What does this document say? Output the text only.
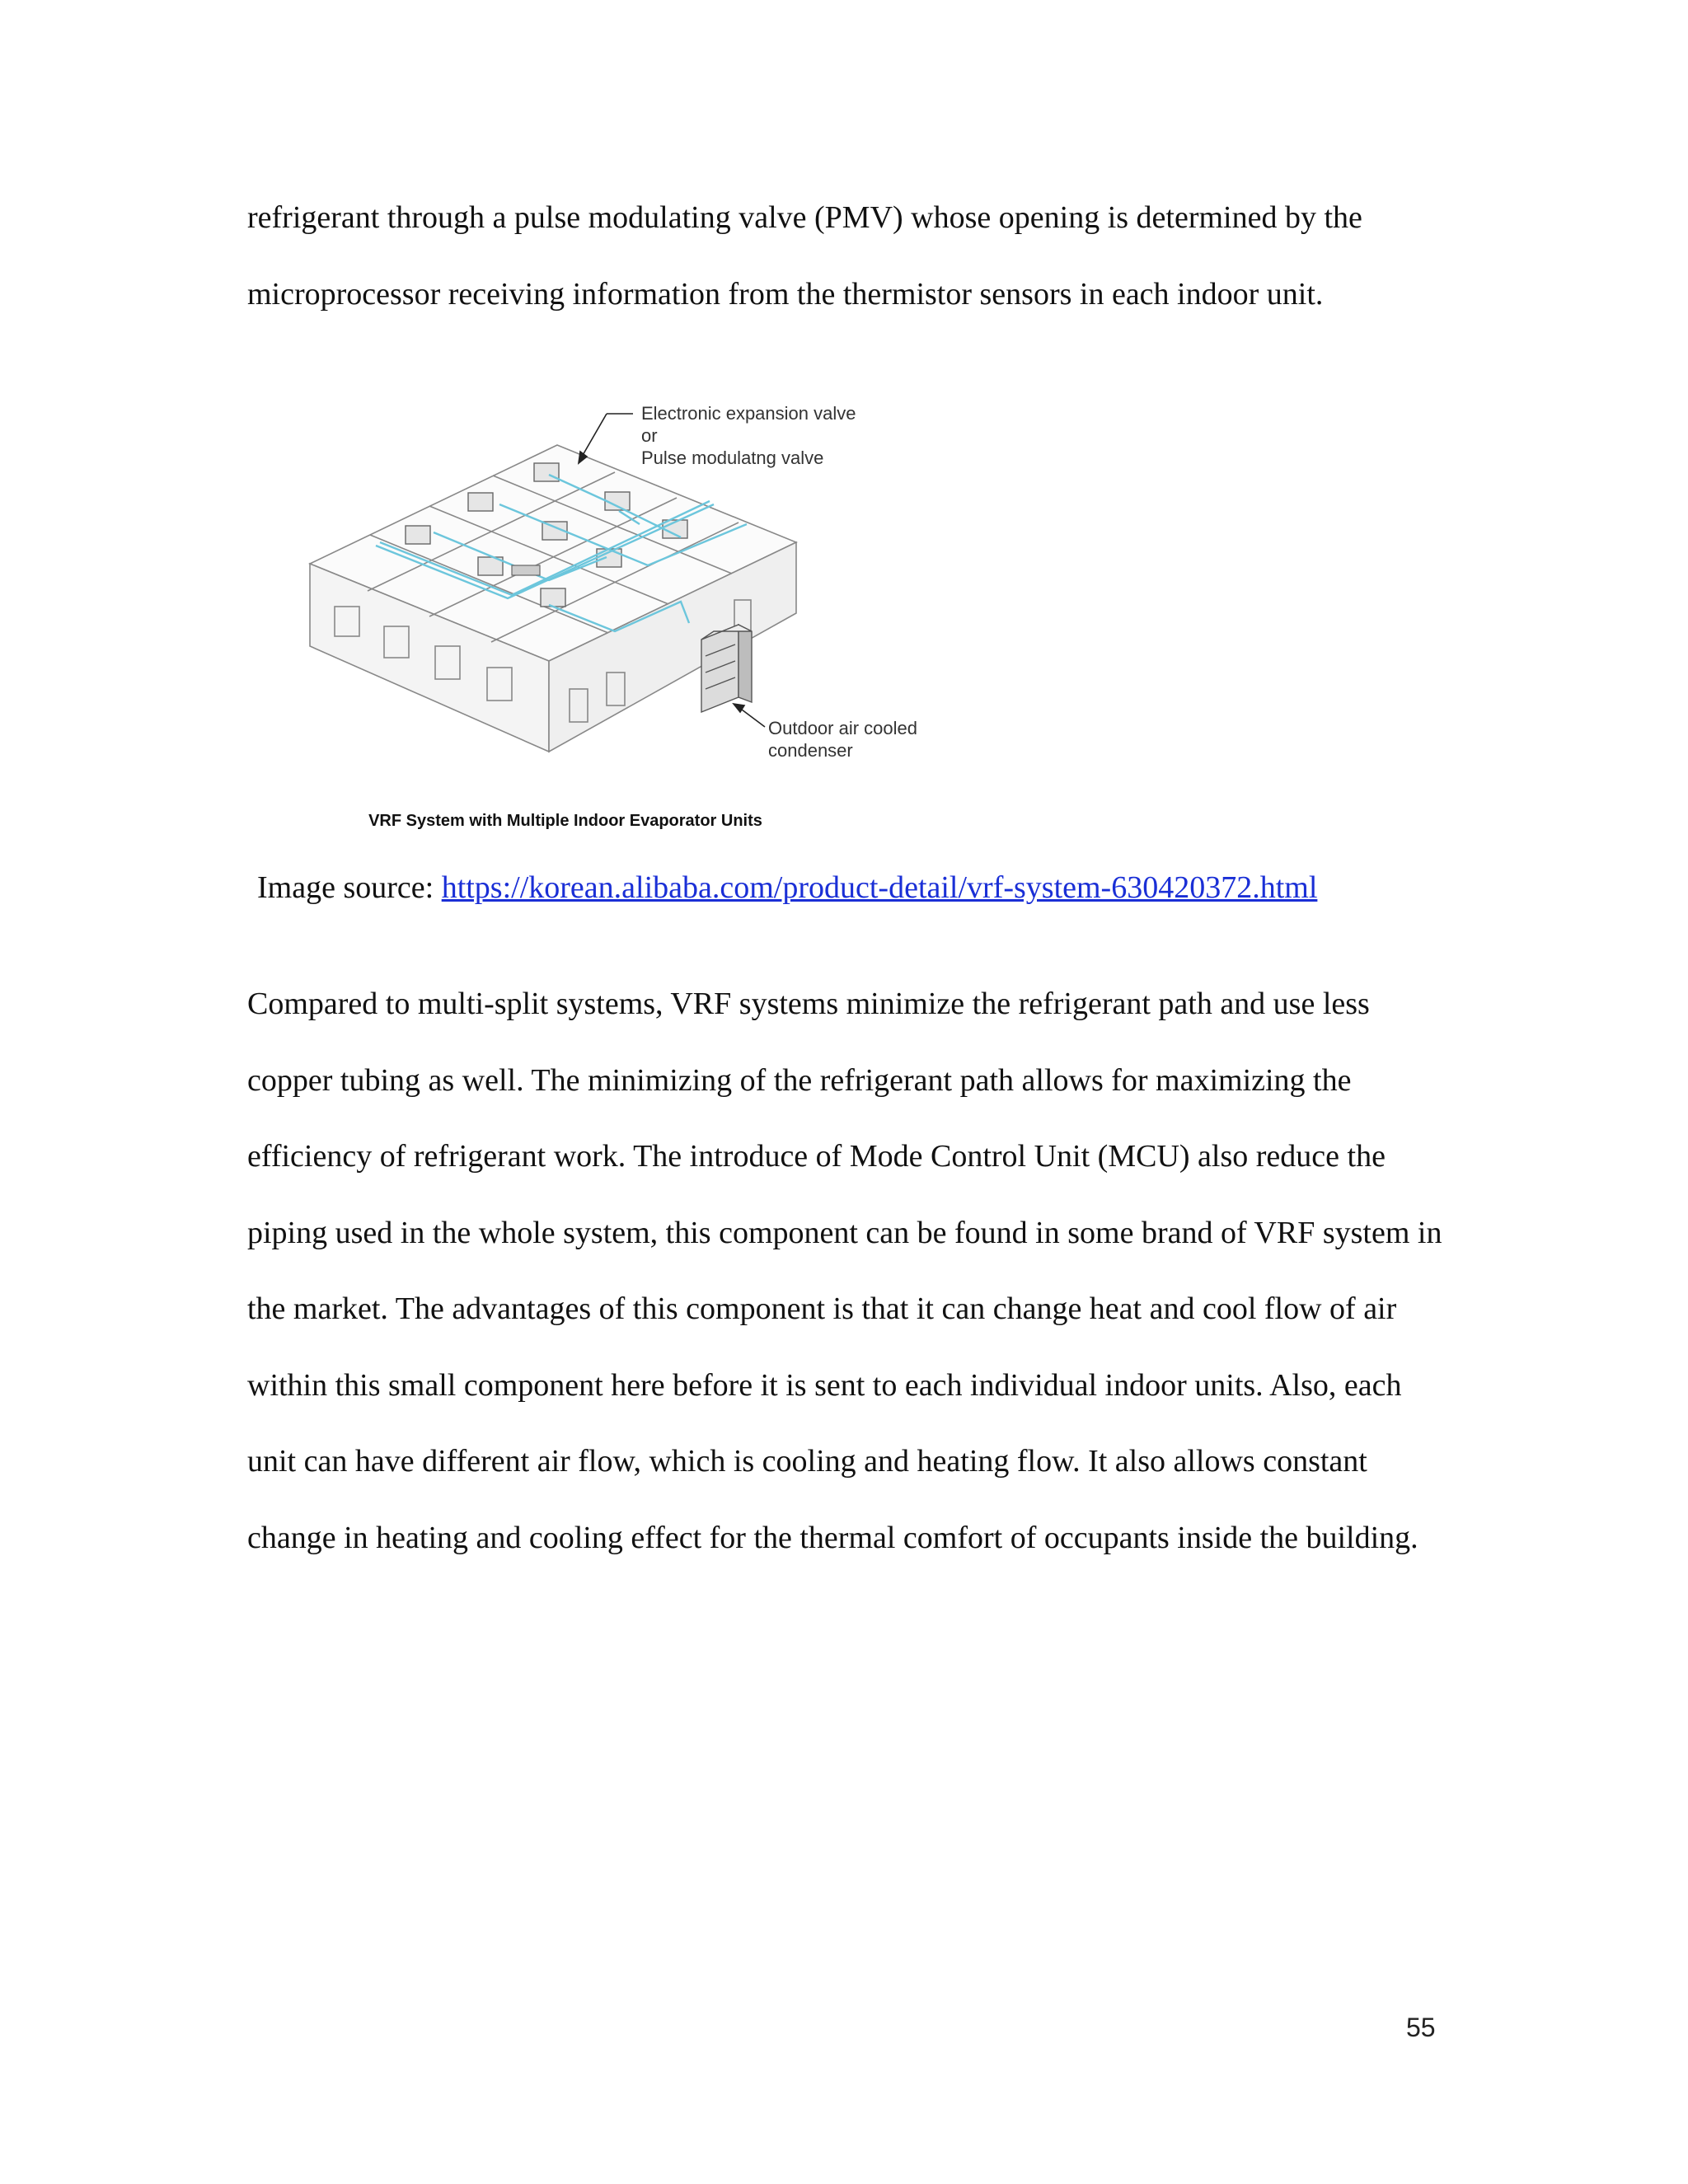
refrigerant through a pulse modulating valve (PMV) whose opening is determined by the microprocessor receiving information from the thermistor sensors in each indoor unit.

Electronic expansion valve
or
Pulse modulatng valve
Outdoor air cooled
condenser
VRF System with Multiple Indoor Evaporator Units
Image source: https://korean.alibaba.com/product-detail/vrf-system-630420372.html

Compared to multi-split systems, VRF systems minimize the refrigerant path and use less copper tubing as well. The minimizing of the refrigerant path allows for maximizing the efficiency of refrigerant work. The introduce of Mode Control Unit (MCU) also reduce the piping used in the whole system, this component can be found in some brand of VRF system in the market. The advantages of this component is that it can change heat and cool flow of air within this small component here before it is sent to each individual indoor units. Also, each unit can have different air flow, which is cooling and heating flow. It also allows constant change in heating and cooling effect for the thermal comfort of occupants inside the building.

55
